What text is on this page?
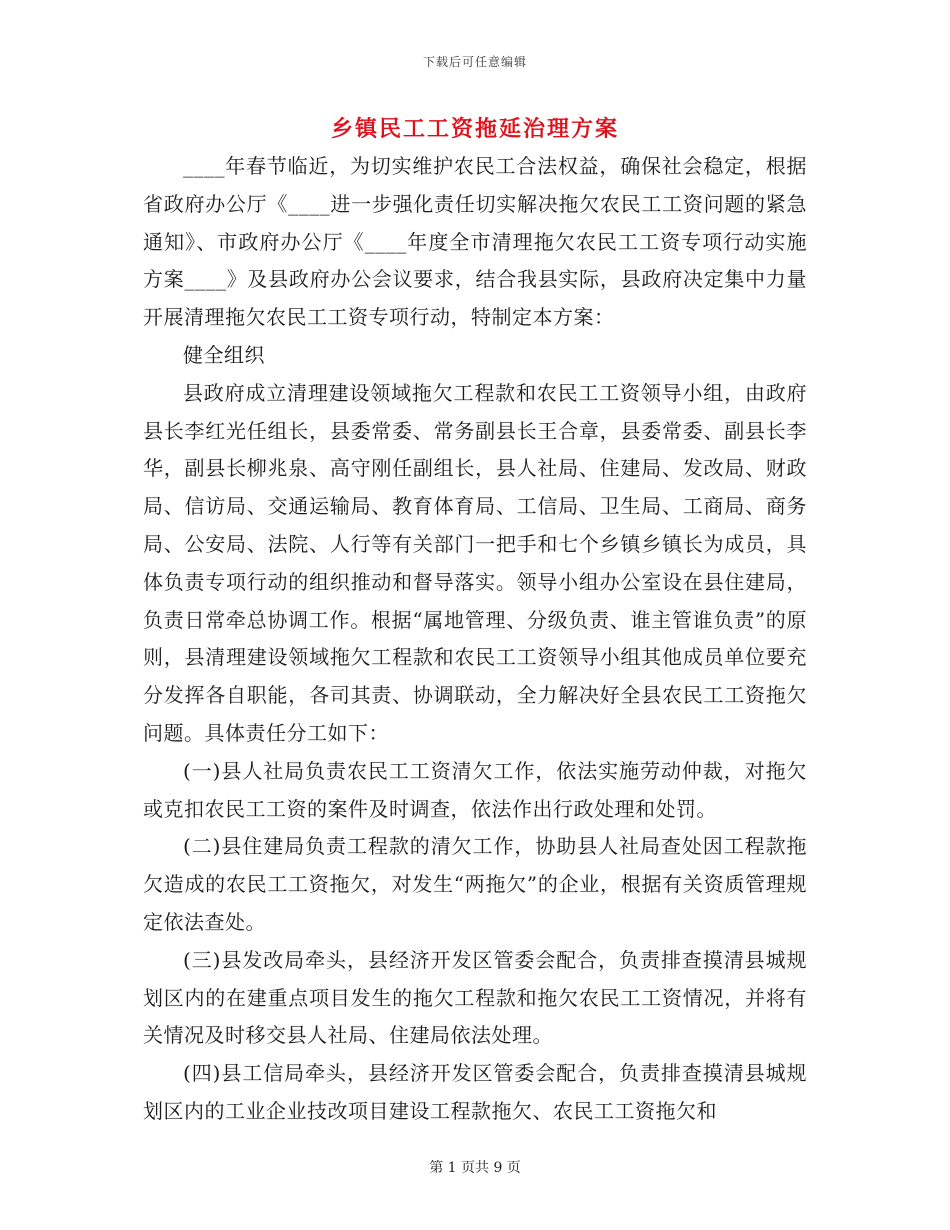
下载后可任意编辑
乡镇民工工资拖延治理方案

____年春节临近，为切实维护农民工合法权益，确保社会稳定，根据省政府办公厅《____进一步强化责任切实解决拖欠农民工工资问题的紧急通知》、市政府办公厅《____年度全市清理拖欠农民工工资专项行动实施方案____》及县政府办公会议要求，结合我县实际，县政府决定集中力量开展清理拖欠农民工工资专项行动，特制定本方案：

健全组织

县政府成立清理建设领域拖欠工程款和农民工工资领导小组，由政府县长李红光任组长，县委常委、常务副县长王合章，县委常委、副县长李华，副县长柳兆泉、高守刚任副组长，县人社局、住建局、发改局、财政局、信访局、交通运输局、教育体育局、工信局、卫生局、工商局、商务局、公安局、法院、人行等有关部门一把手和七个乡镇乡镇长为成员，具体负责专项行动的组织推动和督导落实。领导小组办公室设在县住建局，负责日常牵总协调工作。根据“属地管理、分级负责、谁主管谁负责”的原则，县清理建设领域拖欠工程款和农民工工资领导小组其他成员单位要充分发挥各自职能，各司其责、协调联动，全力解决好全县农民工工资拖欠问题。具体责任分工如下：

(一)县人社局负责农民工工资清欠工作，依法实施劳动仲裁，对拖欠或克扣农民工工资的案件及时调查，依法作出行政处理和处罚。

(二)县住建局负责工程款的清欠工作，协助县人社局查处因工程款拖欠造成的农民工工资拖欠，对发生“两拖欠”的企业，根据有关资质管理规定依法查处。

(三)县发改局牵头，县经济开发区管委会配合，负责排查摸清县城规划区内的在建重点项目发生的拖欠工程款和拖欠农民工工资情况，并将有关情况及时移交县人社局、住建局依法处理。

(四)县工信局牵头，县经济开发区管委会配合，负责排查摸清县城规划区内的工业企业技改项目建设工程款拖欠、农民工工资拖欠和

第 1 页共 9 页
